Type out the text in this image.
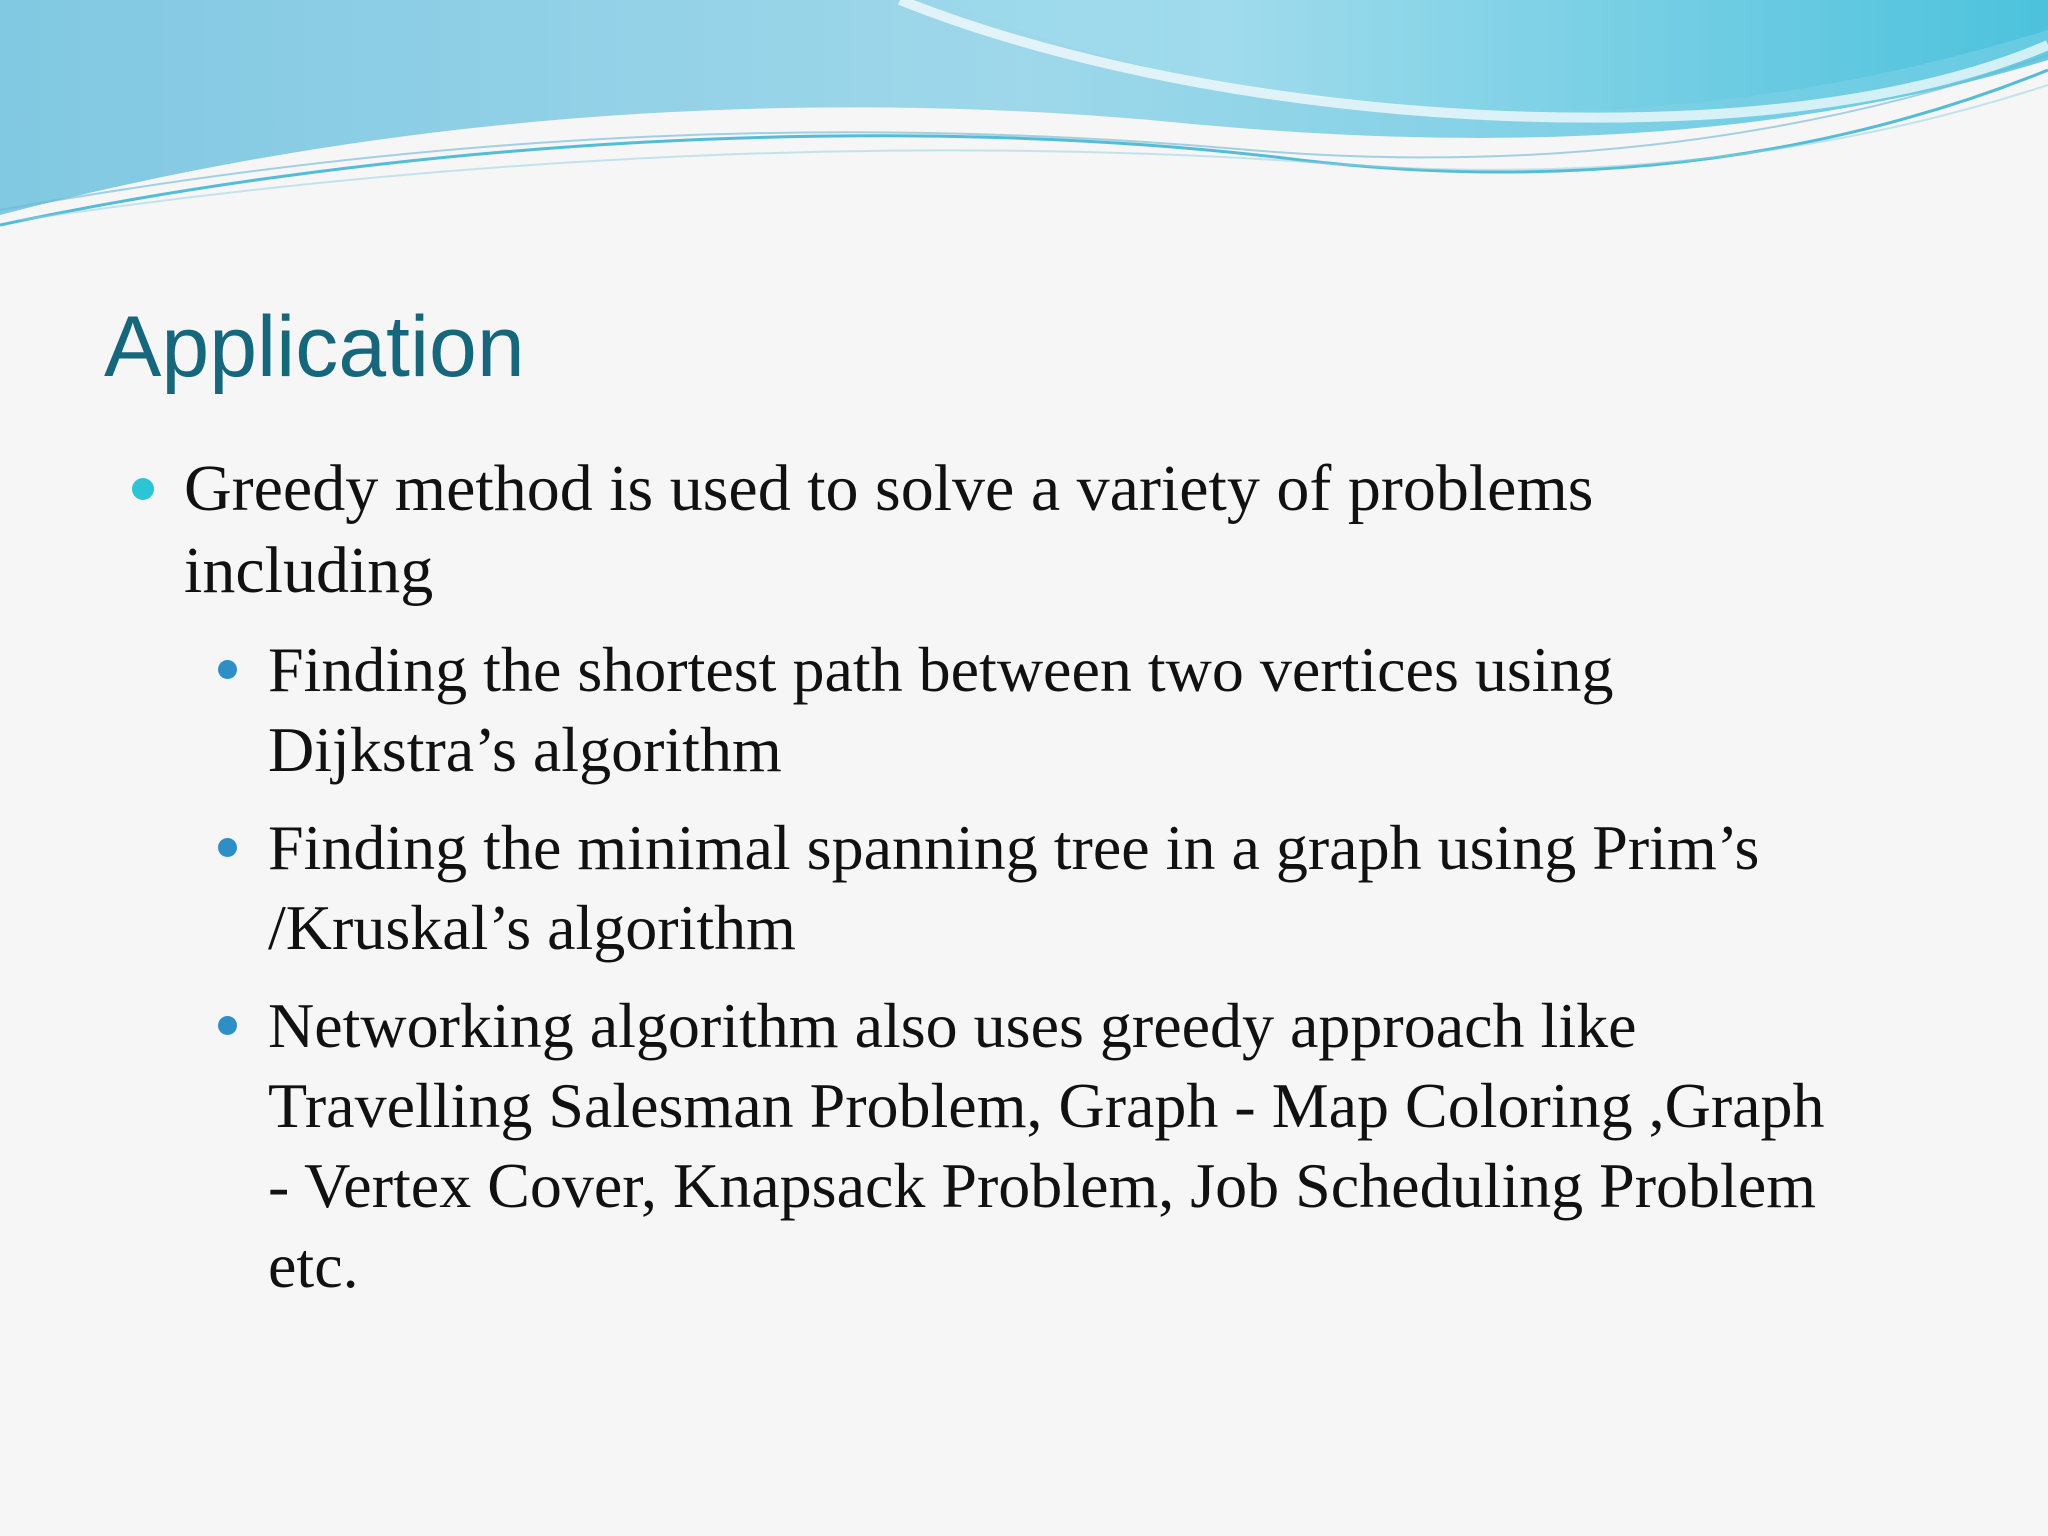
Application
Greedy method is used to solve a variety of problems including
Finding the shortest path between two vertices using Dijkstra’s algorithm
Finding the minimal spanning tree in a graph using Prim’s /Kruskal’s algorithm
Networking algorithm also uses greedy approach like Travelling Salesman Problem, Graph - Map Coloring ,Graph - Vertex Cover, Knapsack Problem, Job Scheduling Problem etc.
